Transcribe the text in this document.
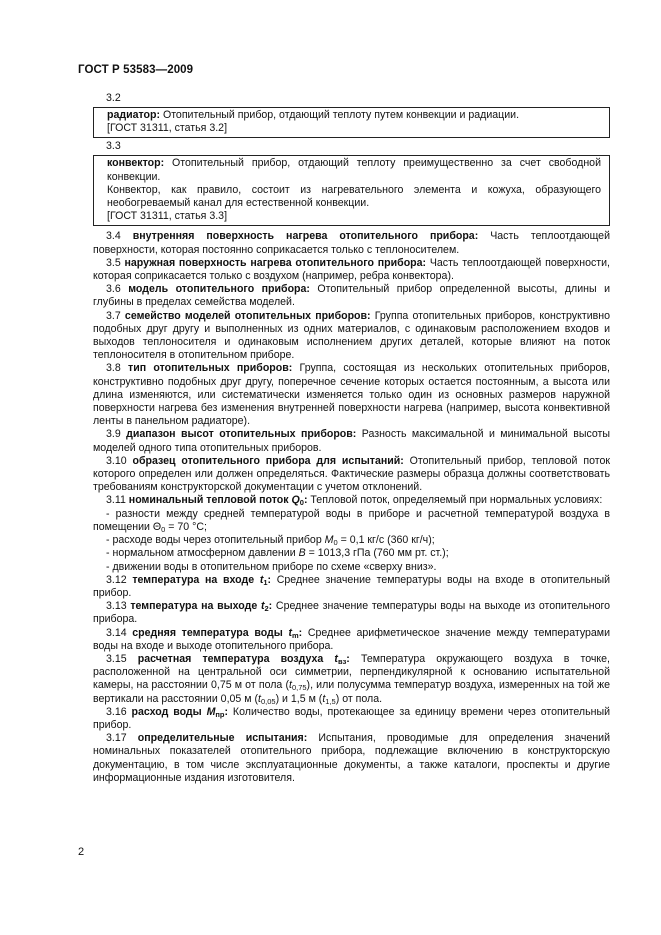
ГОСТ Р 53583—2009

3.2

радиатор: Отопительный прибор, отдающий теплоту путем конвекции и радиации.

[ГОСТ 31311, статья 3.2]

3.3

конвектор: Отопительный прибор, отдающий теплоту преимущественно за счет свободной конвекции.

Конвектор, как правило, состоит из нагревательного элемента и кожуха, образующего необогреваемый канал для естественной конвекции.

[ГОСТ 31311, статья 3.3]

3.4 внутренняя поверхность нагрева отопительного прибора: Часть теплоотдающей поверхности, которая постоянно соприкасается только с теплоносителем.

3.5 наружная поверхность нагрева отопительного прибора: Часть теплоотдающей поверхности, которая соприкасается только с воздухом (например, ребра конвектора).

3.6 модель отопительного прибора: Отопительный прибор определенной высоты, длины и глубины в пределах семейства моделей.

3.7 семейство моделей отопительных приборов: Группа отопительных приборов, конструктивно подобных друг другу и выполненных из одних материалов, с одинаковым расположением входов и выходов теплоносителя и одинаковым исполнением других деталей, которые влияют на поток теплоносителя в отопительном приборе.

3.8 тип отопительных приборов: Группа, состоящая из нескольких отопительных приборов, конструктивно подобных друг другу, поперечное сечение которых остается постоянным, а высота или длина изменяются, или систематически изменяется только один из основных размеров наружной поверхности нагрева без изменения внутренней поверхности нагрева (например, высота конвективной ленты в панельном радиаторе).

3.9 диапазон высот отопительных приборов: Разность максимальной и минимальной высоты моделей одного типа отопительных приборов.

3.10 образец отопительного прибора для испытаний: Отопительный прибор, тепловой поток которого определен или должен определяться. Фактические размеры образца должны соответствовать требованиям конструкторской документации с учетом отклонений.

3.11 номинальный тепловой поток $Q_0$: Тепловой поток, определяемый при нормальных условиях:

- разности между средней температурой воды в приборе и расчетной температурой воздуха в помещении $\Theta_0 = 70$ °С;

- расходе воды через отопительный прибор $M_0 = 0,1$ кг/с (360 кг/ч);

- нормальном атмосферном давлении B = 1013,3 гПа (760 мм рт. ст.);

- движении воды в отопительном приборе по схеме «сверху вниз».

3.12 температура на входе $t_1$: Среднее значение температуры воды на входе в отопительный прибор.

3.13 температура на выходе $t_2$: Среднее значение температуры воды на выходе из отопительного прибора.

3.14 средняя температура воды $t_m$: Среднее арифметическое значение между температурами воды на входе и выходе отопительного прибора.

3.15 расчетная температура воздуха $t_{вз}$: Температура окружающего воздуха в точке, расположенной на центральной оси симметрии, перпендикулярной к основанию испытательной камеры, на расстоянии 0,75 м от пола $(t_{0,75})$, или полусумма температур воздуха, измеренных на той же вертикали на расстоянии 0,05 м $(t_{0,05})$ и 1,5 м $(t_{1,5})$ от пола.

3.16 расход воды $M_{пр}$: Количество воды, протекающее за единицу времени через отопительный прибор.

3.17 определительные испытания: Испытания, проводимые для определения значений номинальных показателей отопительного прибора, подлежащие включению в конструкторскую документацию, в том числе эксплуатационные документы, а также каталоги, проспекты и другие информационные издания изготовителя.

2
